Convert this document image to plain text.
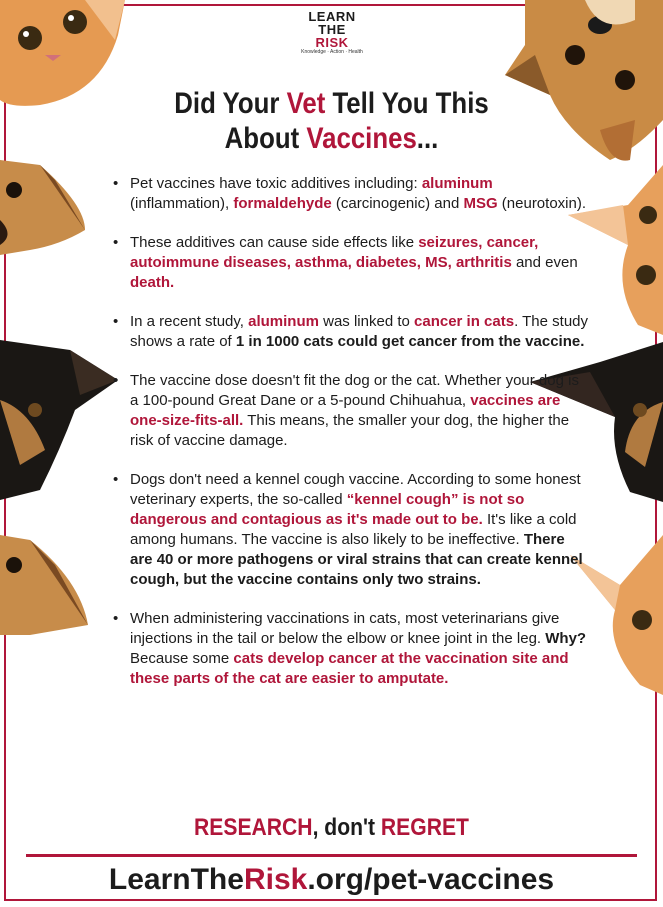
LEARN
THE
RISK
Knowledge · Action · Health
Did Your Vet Tell You This
About Vaccines...
• Pet vaccines have toxic additives including: aluminum (inflammation), formaldehyde (carcinogenic) and MSG (neurotoxin).
• These additives can cause side effects like seizures, cancer, autoimmune diseases, asthma, diabetes, MS, arthritis and even death.
• In a recent study, aluminum was linked to cancer in cats. The study shows a rate of 1 in 1000 cats could get cancer from the vaccine.
• The vaccine dose doesn't fit the dog or the cat. Whether your dog is a 100-pound Great Dane or a 5-pound Chihuahua, vaccines are one-size-fits-all. This means, the smaller your dog, the higher the risk of vaccine damage.
• Dogs don't need a kennel cough vaccine. According to some honest veterinary experts, the so-called “kennel cough” is not so dangerous and contagious as it's made out to be. It's like a cold among humans. The vaccine is also likely to be ineffective. There are 40 or more pathogens or viral strains that can create kennel cough, but the vaccine contains only two strains.
• When administering vaccinations in cats, most veterinarians give injections in the tail or below the elbow or knee joint in the leg. Why? Because some cats develop cancer at the vaccination site and these parts of the cat are easier to amputate.
RESEARCH, don't REGRET
LearnTheRisk.org/pet-vaccines
